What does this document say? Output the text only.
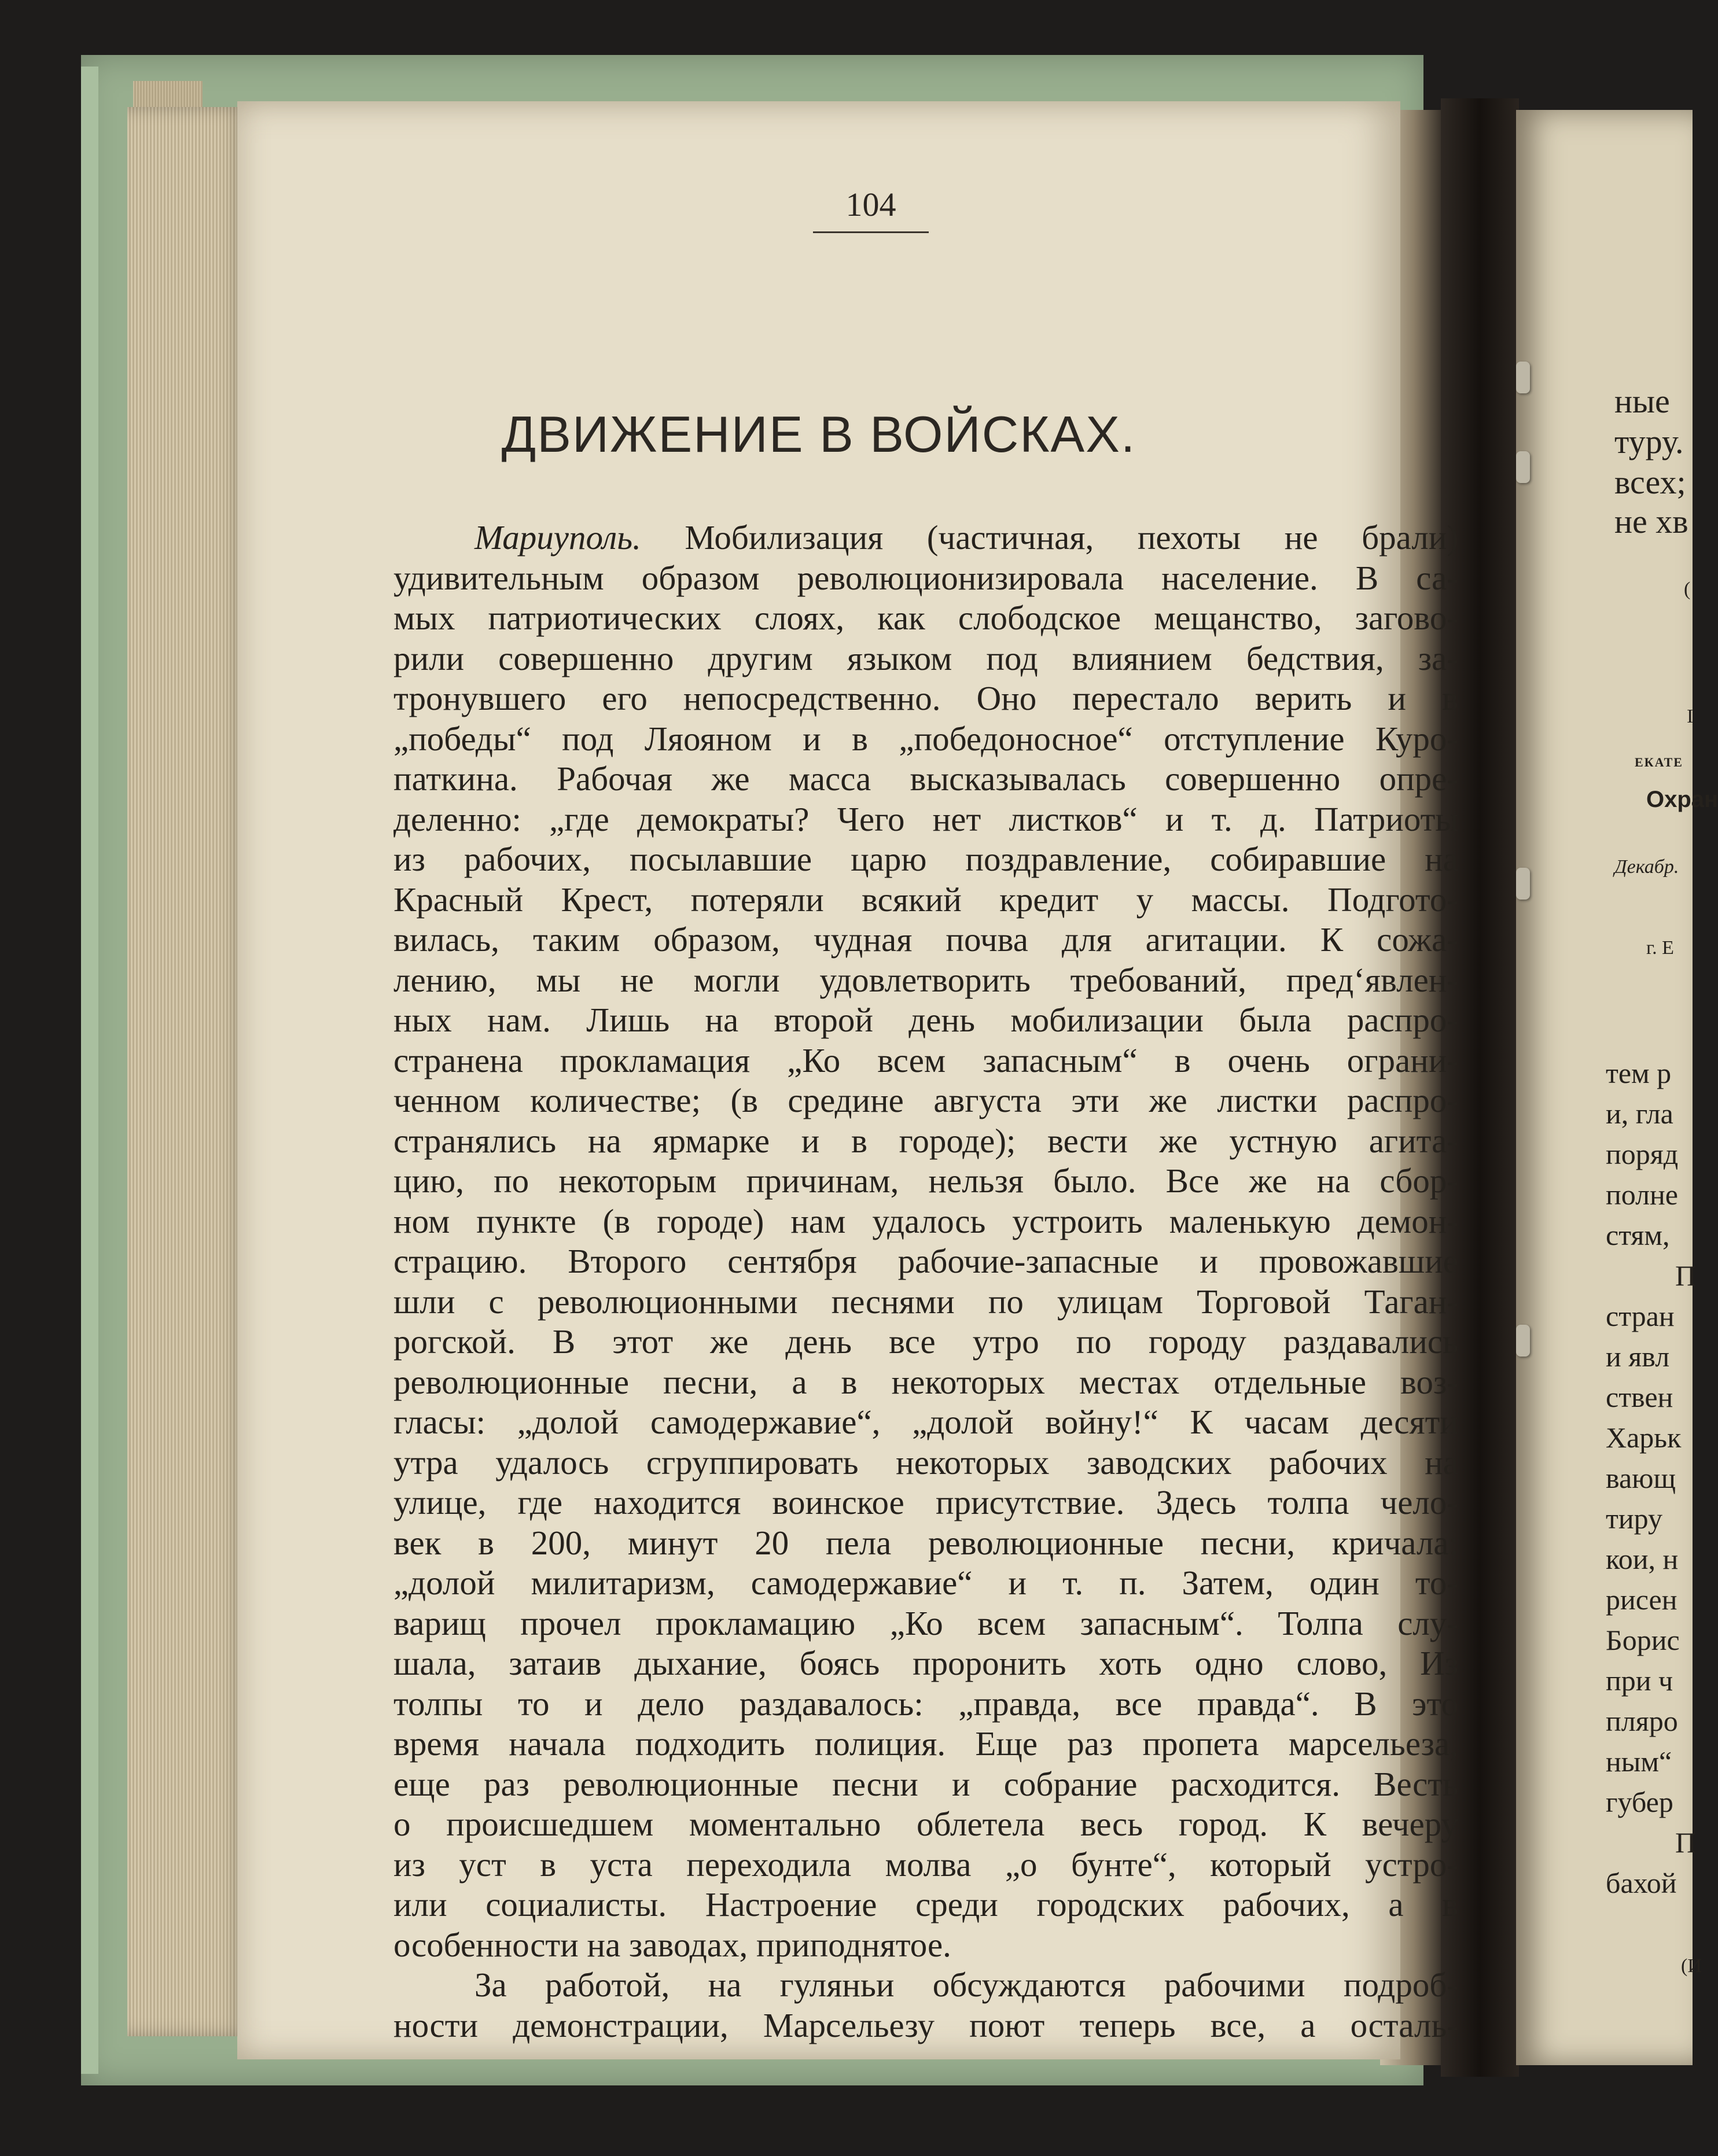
104
ДВИЖЕНИЕ В ВОЙСКАХ.
Мариуполь. Мобилизация (частичная, пехоты не брали)
удивительным образом революционизировала население. В са-
мых патриотических слоях, как слободское мещанство, загово-
рили совершенно другим языком под влиянием бедствия, за-
тронувшего его непосредственно. Оно перестало верить и в
„победы“ под Ляояном и в „победоносное“ отступление Куро-
паткина. Рабочая же масса высказывалась совершенно опре-
деленно: „где демократы? Чего нет листков“ и т. д. Патриоты
из рабочих, посылавшие царю поздравление, собиравшие на
Красный Крест, потеряли всякий кредит у массы. Подгото-
вилась, таким образом, чудная почва для агитации. К сожа-
лению, мы не могли удовлетворить требований, пред‘явлен-
ных нам. Лишь на второй день мобилизации была распро-
странена прокламация „Ко всем запасным“ в очень ограни-
ченном количестве; (в средине августа эти же листки распро-
странялись на ярмарке и в городе); вести же устную агита-
цию, по некоторым причинам, нельзя было. Все же на сбор-
ном пункте (в городе) нам удалось устроить маленькую демон-
страцию. Второго сентября рабочие-запасные и провожавшие
шли с революционными песнями по улицам Торговой Таган-
рогской. В этот же день все утро по городу раздавались
революционные песни, а в некоторых местах отдельные воз-
гласы: „долой самодержавие“, „долой войну!“ К часам десяти
утра удалось сгруппировать некоторых заводских рабочих на
улице, где находится воинское присутствие. Здесь толпа чело-
век в 200, минут 20 пела революционные песни, кричала:
„долой милитаризм, самодержавие“ и т. п. Затем, один то-
варищ прочел прокламацию „Ко всем запасным“. Толпа слу-
шала, затаив дыхание, боясь проронить хоть одно слово, Из
толпы то и дело раздавалось: „правда, все правда“. В это
время начала подходить полиция. Еще раз пропета марсельеза,
еще раз революционные песни и собрание расходится. Весть
о происшедшем моментально облетела весь город. К вечеру
из уст в уста переходила молва „о бунте“, который устро-
или социалисты. Настроение среди городских рабочих, а в
особенности на заводах, приподнятое.
За работой, на гуляньи обсуждаются рабочими подроб-
ности демонстрации, Марсельезу поют теперь все, а осталь-
ные
туру.
всех;
не хв
(
I
ЕКАТЕ
Охран
Декабр.
г. Е
тем р
и, гла
поряд
полне
стям,
П
стран
и явл
ствен
Харьк
вающ
тиру
кои, н
рисен
Борис
при ч
пляро
ным“
губер
П
бахой
(И
